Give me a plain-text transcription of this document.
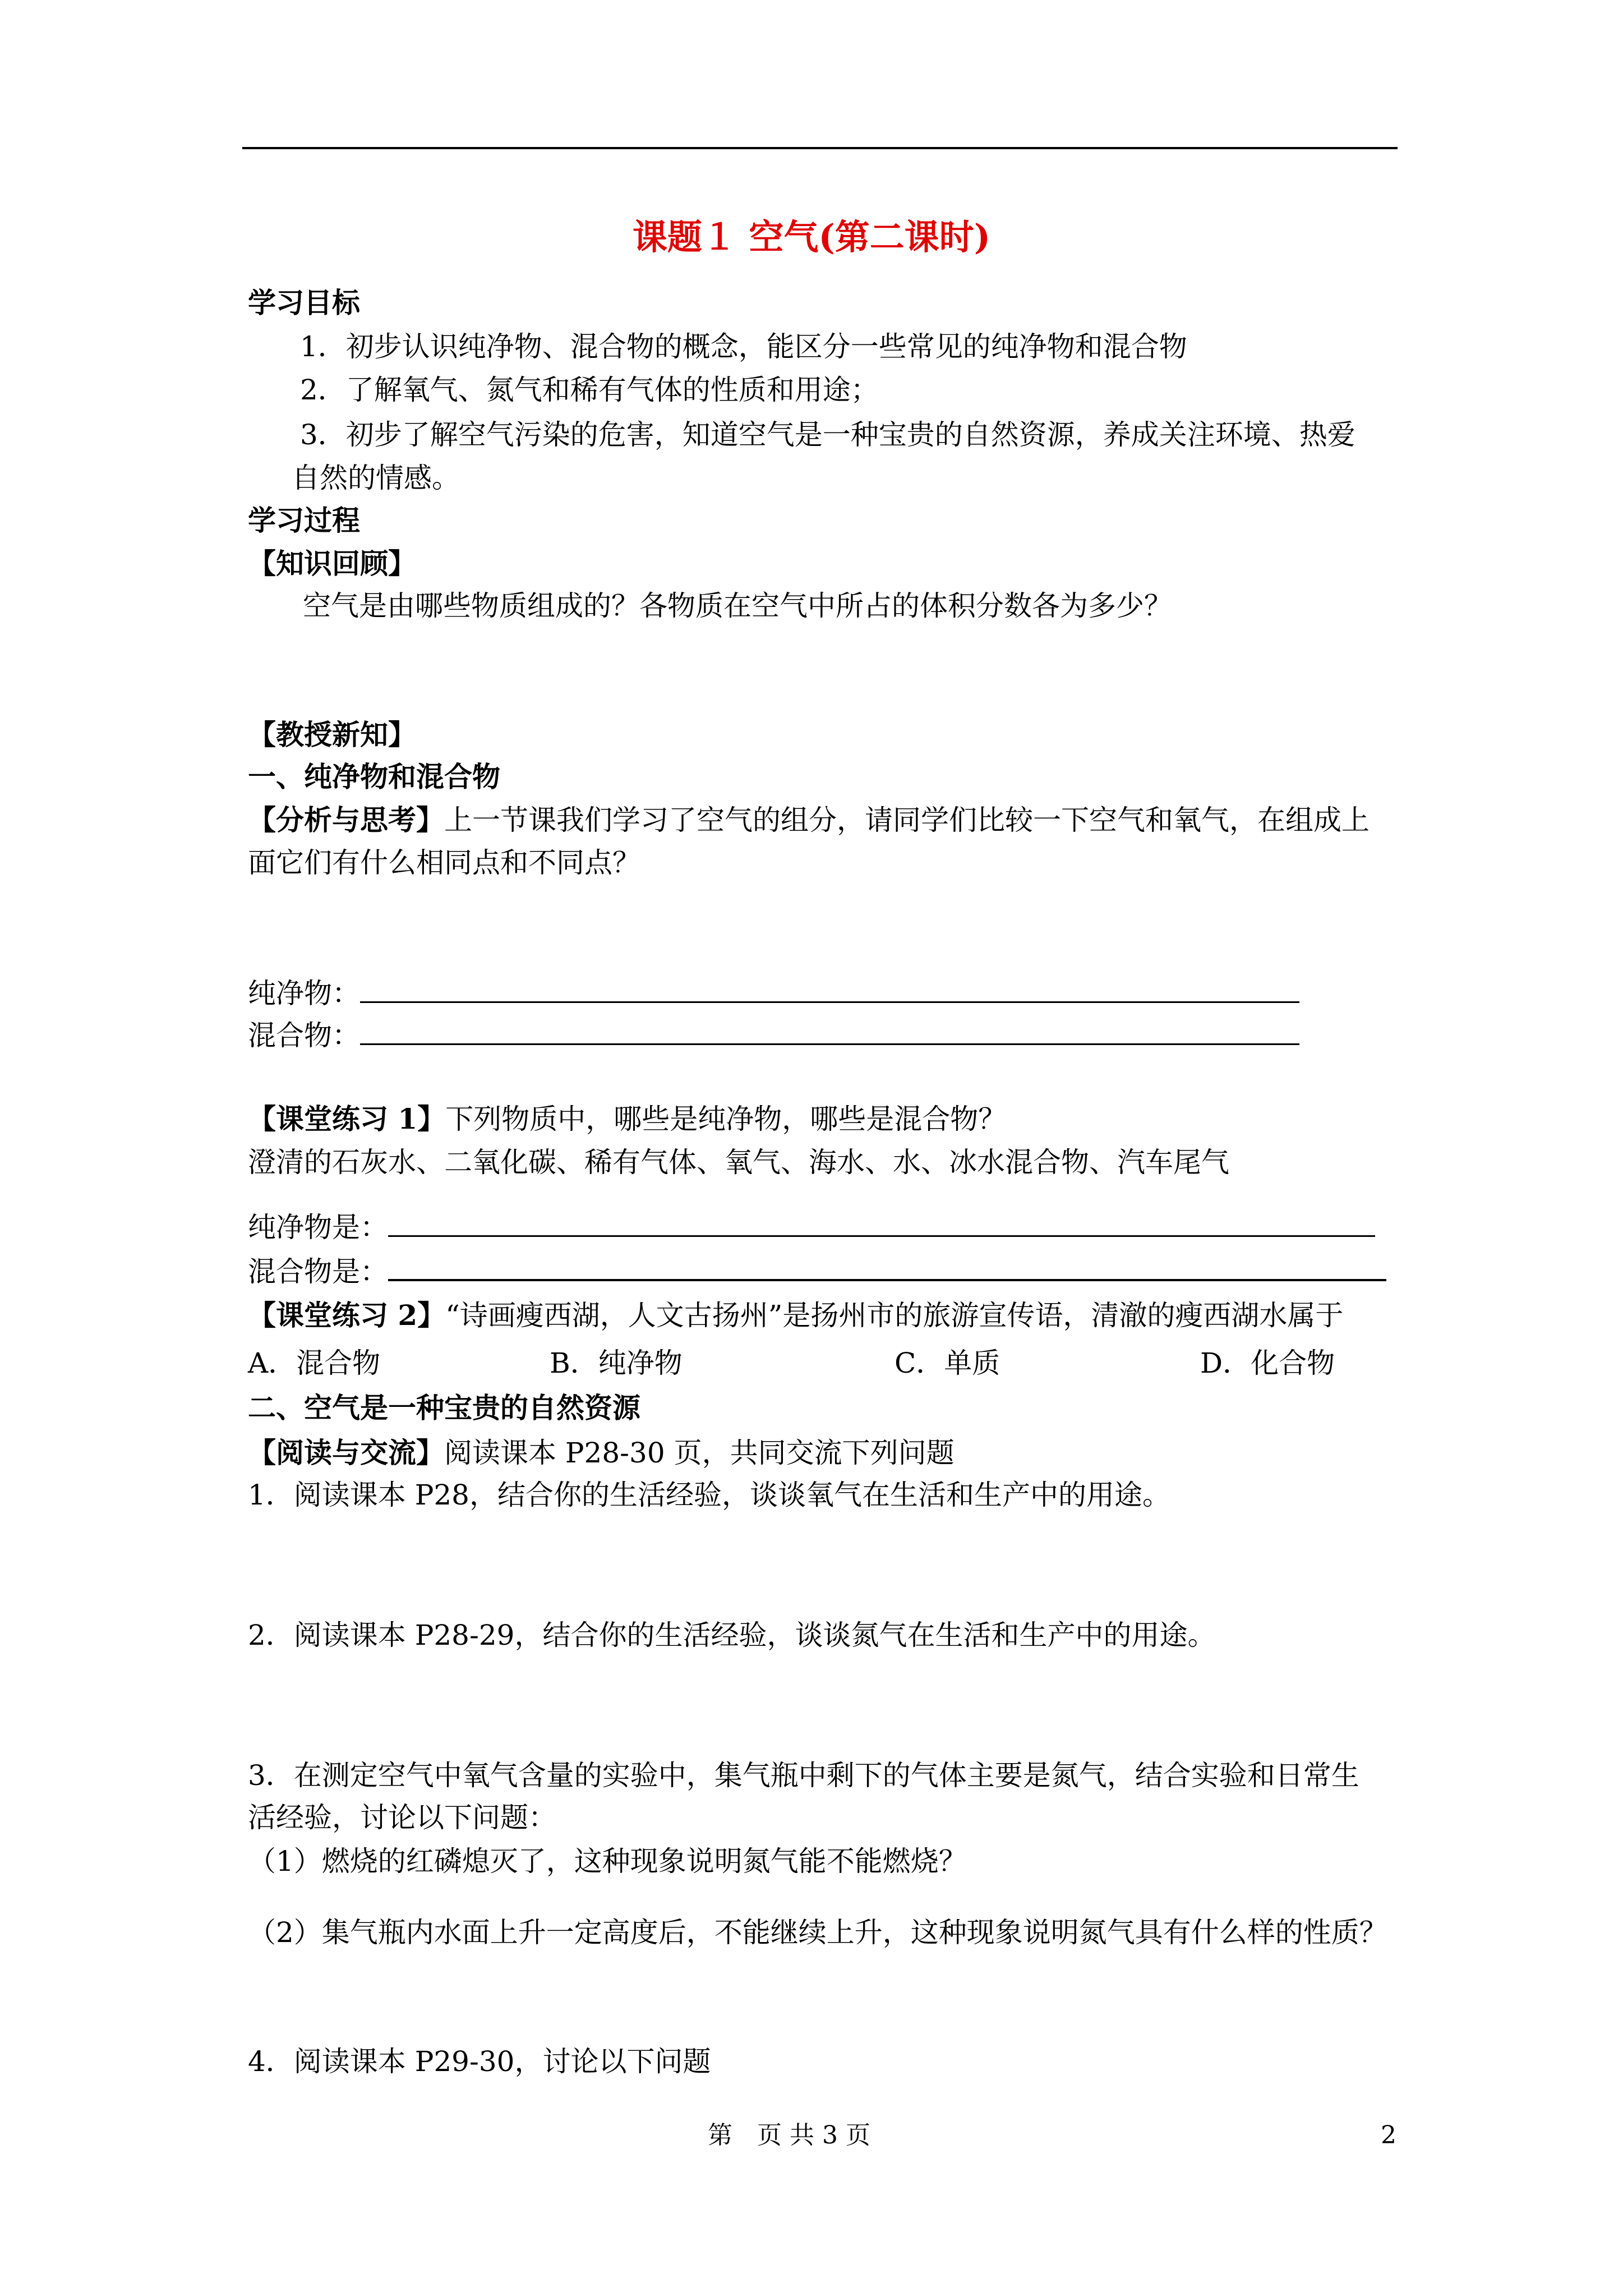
课题１ 空气(第二课时)
学习目标
1．初步认识纯净物、混合物的概念，能区分一些常见的纯净物和混合物
2．了解氧气、氮气和稀有气体的性质和用途；
3．初步了解空气污染的危害，知道空气是一种宝贵的自然资源，养成关注环境、热爱
自然的情感。
学习过程
【知识回顾】
空气是由哪些物质组成的？各物质在空气中所占的体积分数各为多少？
【教授新知】
一、纯净物和混合物
【分析与思考】上一节课我们学习了空气的组分，请同学们比较一下空气和氧气，在组成上
面它们有什么相同点和不同点？
纯净物：
混合物：
【课堂练习 1】下列物质中，哪些是纯净物，哪些是混合物？
澄清的石灰水、二氧化碳、稀有气体、氧气、海水、水、冰水混合物、汽车尾气
纯净物是：
混合物是：
【课堂练习 2】“诗画瘦西湖，人文古扬州”是扬州市的旅游宣传语，清澈的瘦西湖水属于
A．混合物	B．纯净物	C．单质	D．化合物
二、空气是一种宝贵的自然资源
【阅读与交流】阅读课本 P28-30 页，共同交流下列问题
1．阅读课本 P28，结合你的生活经验，谈谈氧气在生活和生产中的用途。
2．阅读课本 P28-29，结合你的生活经验，谈谈氮气在生活和生产中的用途。
3．在测定空气中氧气含量的实验中，集气瓶中剩下的气体主要是氮气，结合实验和日常生
活经验，讨论以下问题：
（1）燃烧的红磷熄灭了，这种现象说明氮气能不能燃烧？
（2）集气瓶内水面上升一定高度后，不能继续上升，这种现象说明氮气具有什么样的性质？
4．阅读课本 P29-30，讨论以下问题
第　页 共 3 页	2
